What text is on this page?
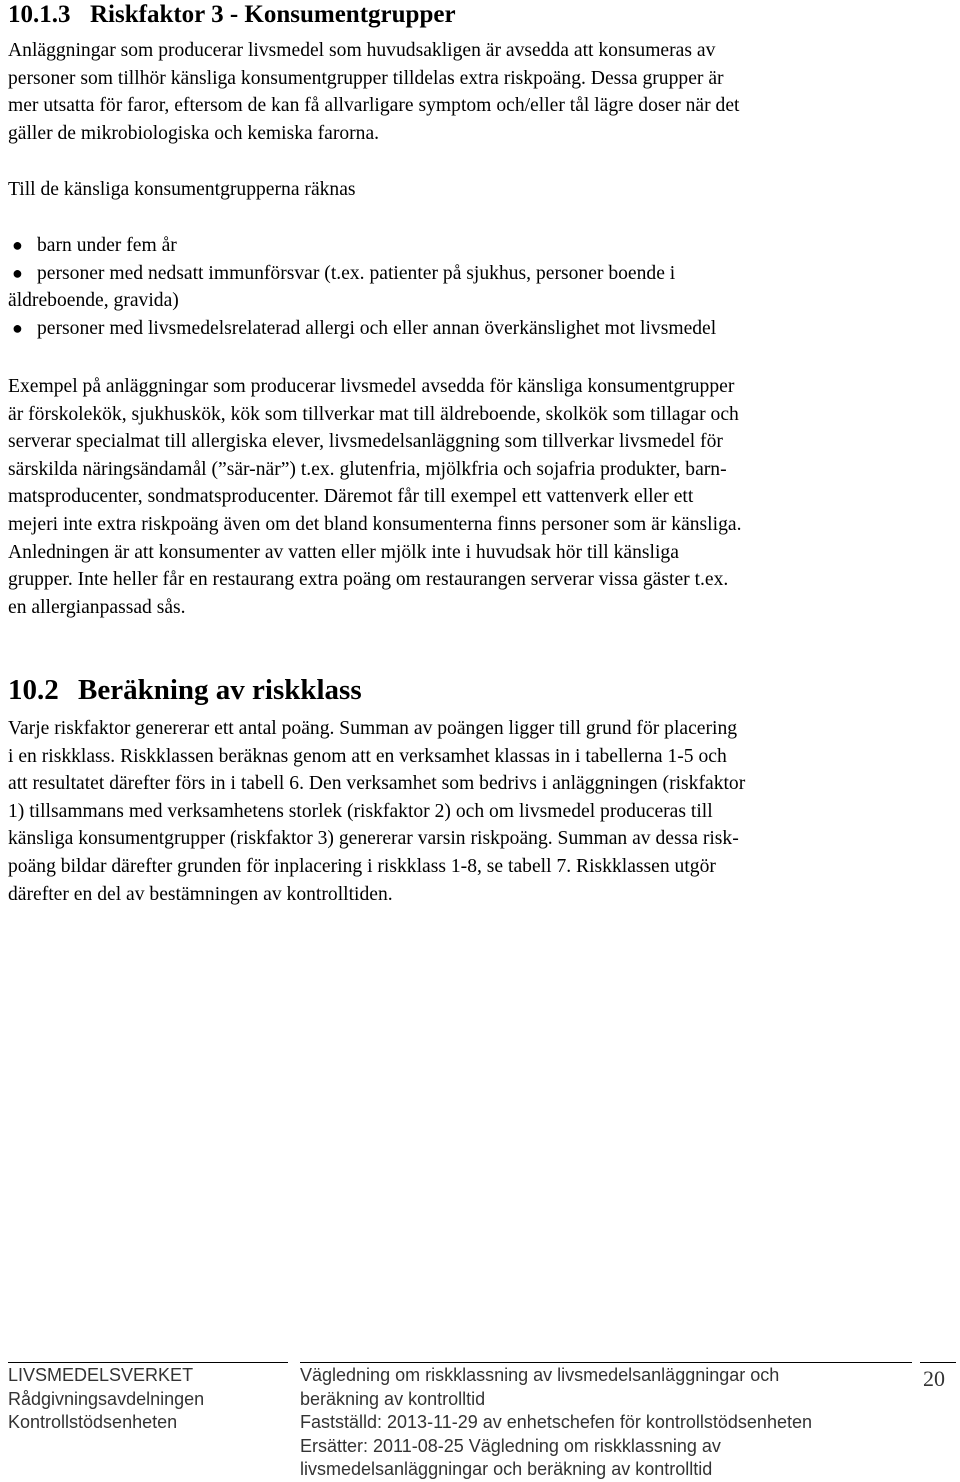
10.1.3 Riskfaktor 3 - Konsumentgrupper
Anläggningar som producerar livsmedel som huvudsakligen är avsedda att konsumeras av
personer som tillhör känsliga konsumentgrupper tilldelas extra riskpoäng. Dessa grupper är
mer utsatta för faror, eftersom de kan få allvarligare symptom och/eller tål lägre doser när det
gäller de mikrobiologiska och kemiska farorna.
Till de känsliga konsumentgrupperna räknas
● barn under fem år
● personer med nedsatt immunförsvar (t.ex. patienter på sjukhus, personer boende i
äldreboende, gravida)
● personer med livsmedelsrelaterad allergi och eller annan överkänslighet mot livsmedel
Exempel på anläggningar som producerar livsmedel avsedda för känsliga konsumentgrupper
är förskolekök, sjukhuskök, kök som tillverkar mat till äldreboende, skolkök som tillagar och
serverar specialmat till allergiska elever, livsmedelsanläggning som tillverkar livsmedel för
särskilda näringsändamål (”sär-när”) t.ex. glutenfria, mjölkfria och sojafria produkter, barn-
matsproducenter, sondmatsproducenter. Däremot får till exempel ett vattenverk eller ett
mejeri inte extra riskpoäng även om det bland konsumenterna finns personer som är känsliga.
Anledningen är att konsumenter av vatten eller mjölk inte i huvudsak hör till känsliga
grupper. Inte heller får en restaurang extra poäng om restaurangen serverar vissa gäster t.ex.
en allergianpassad sås.
10.2 Beräkning av riskklass
Varje riskfaktor genererar ett antal poäng. Summan av poängen ligger till grund för placering
i en riskklass. Riskklassen beräknas genom att en verksamhet klassas in i tabellerna 1-5 och
att resultatet därefter förs in i tabell 6. Den verksamhet som bedrivs i anläggningen (riskfaktor
1) tillsammans med verksamhetens storlek (riskfaktor 2) och om livsmedel produceras till
känsliga konsumentgrupper (riskfaktor 3) genererar varsin riskpoäng. Summan av dessa risk-
poäng bildar därefter grunden för inplacering i riskklass 1-8, se tabell 7. Riskklassen utgör
därefter en del av bestämningen av kontrolltiden.
LIVSMEDELSVERKET
Rådgivningsavdelningen
Kontrollstödsenheten
Vägledning om riskklassning av livsmedelsanläggningar och
beräkning av kontrolltid
Fastställd: 2013-11-29 av enhetschefen för kontrollstödsenheten
Ersätter: 2011-08-25 Vägledning om riskklassning av
livsmedelsanläggningar och beräkning av kontrolltid
20
